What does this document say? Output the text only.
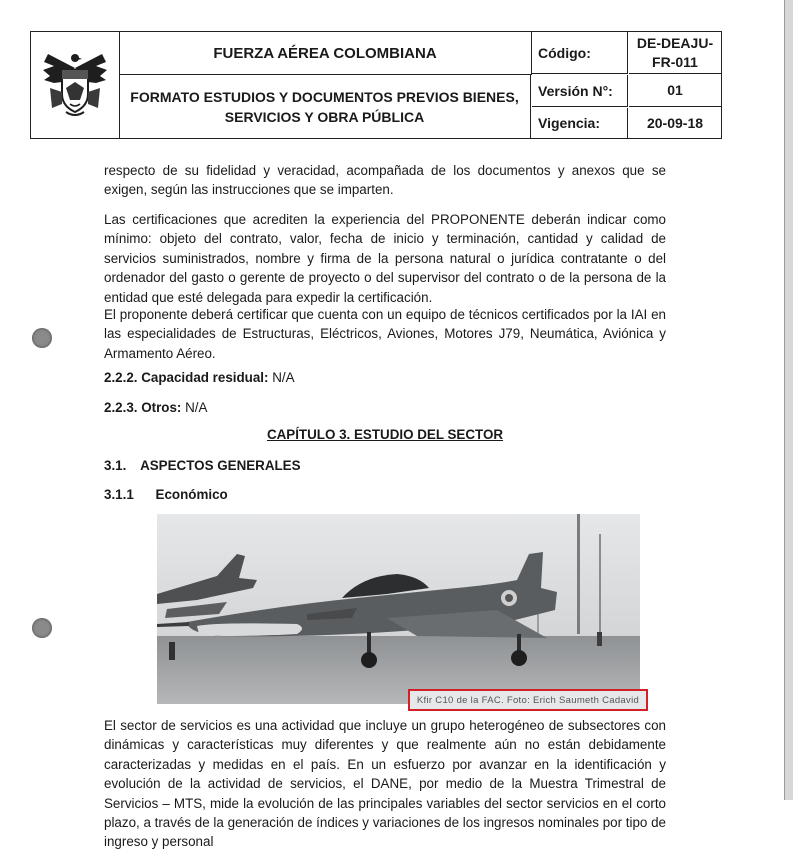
FUERZA AÉREA COLOMBIANA
FORMATO ESTUDIOS Y DOCUMENTOS PREVIOS BIENES, SERVICIOS Y OBRA PÚBLICA
Código:
DE-DEAJU-FR-011
Versión N°:	01
Vigencia:	20-09-18

respecto de su fidelidad y veracidad, acompañada de los documentos y anexos que se exigen, según las instrucciones que se imparten.

Las certificaciones que acrediten la experiencia del PROPONENTE deberán indicar como mínimo: objeto del contrato, valor, fecha de inicio y terminación, cantidad y calidad de servicios suministrados, nombre y firma de la persona natural o jurídica contratante o del ordenador del gasto o gerente de proyecto o del supervisor del contrato o de la persona de la entidad que esté delegada para expedir la certificación.

El proponente deberá certificar que cuenta con un equipo de técnicos certificados por la IAI en las especialidades de Estructuras, Eléctricos, Aviones, Motores J79, Neumática, Aviónica y Armamento Aéreo.

2.2.2. Capacidad residual: N/A
2.2.3. Otros: N/A
CAPÍTULO 3. ESTUDIO DEL SECTOR
3.1. ASPECTOS GENERALES
3.1.1 Económico
Kfir C10 de la FAC. Foto: Erich Saumeth Cadavid

El sector de servicios es una actividad que incluye un grupo heterogéneo de subsectores con dinámicas y características muy diferentes y que realmente aún no están debidamente caracterizadas y medidas en el país. En un esfuerzo por avanzar en la identificación y evolución de la actividad de servicios, el DANE, por medio de la Muestra Trimestral de Servicios – MTS, mide la evolución de las principales variables del sector servicios en el corto plazo, a través de la generación de índices y variaciones de los ingresos nominales por tipo de ingreso y personal
